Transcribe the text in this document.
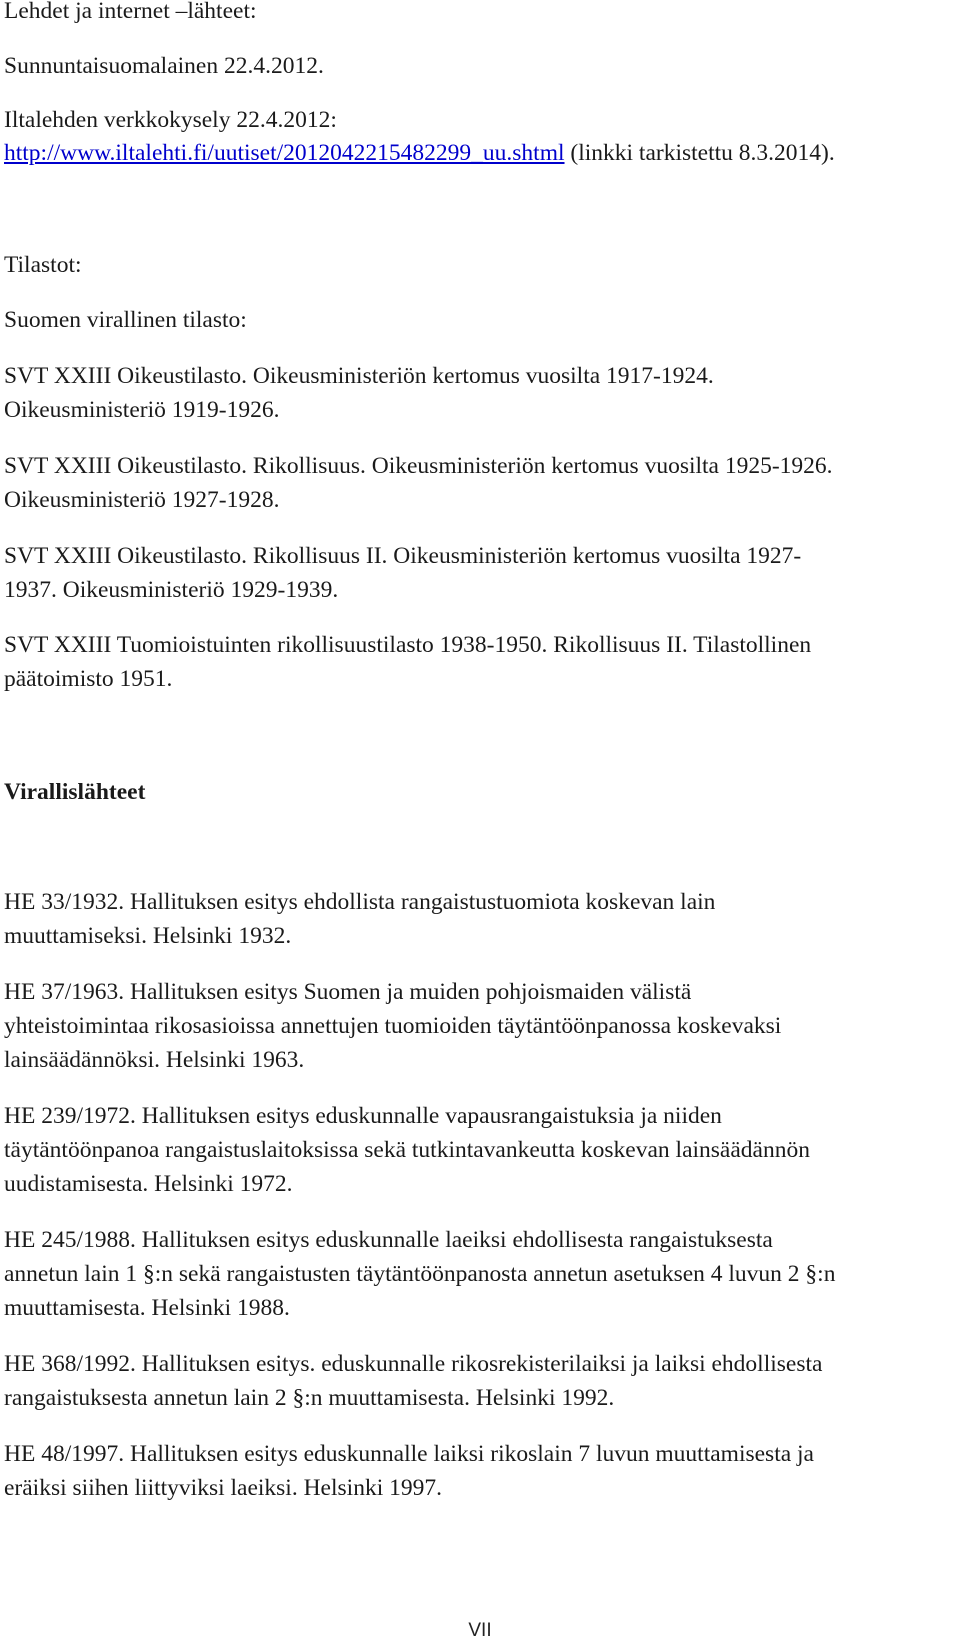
Lehdet ja internet –lähteet:
Sunnuntaisuomalainen 22.4.2012.
Iltalehden verkkokysely 22.4.2012:
http://www.iltalehti.fi/uutiset/2012042215482299_uu.shtml (linkki tarkistettu 8.3.2014).
Tilastot:
Suomen virallinen tilasto:
SVT XXIII Oikeustilasto. Oikeusministeriön kertomus vuosilta 1917-1924.
Oikeusministeriö 1919-1926.
SVT XXIII Oikeustilasto. Rikollisuus. Oikeusministeriön kertomus vuosilta 1925-1926.
Oikeusministeriö 1927-1928.
SVT XXIII Oikeustilasto. Rikollisuus II. Oikeusministeriön kertomus vuosilta 1927-
1937. Oikeusministeriö 1929-1939.
SVT XXIII Tuomioistuinten rikollisuustilasto 1938-1950. Rikollisuus II. Tilastollinen
päätoimisto 1951.
Virallislähteet
HE 33/1932. Hallituksen esitys ehdollista rangaistustuomiota koskevan lain
muuttamiseksi. Helsinki 1932.
HE 37/1963. Hallituksen esitys Suomen ja muiden pohjoismaiden välistä
yhteistoimintaa rikosasioissa annettujen tuomioiden täytäntöönpanossa koskevaksi
lainsäädännöksi. Helsinki 1963.
HE 239/1972. Hallituksen esitys eduskunnalle vapausrangaistuksia ja niiden
täytäntöönpanoa rangaistuslaitoksissa sekä tutkintavankeutta koskevan lainsäädännön
uudistamisesta. Helsinki 1972.
HE 245/1988. Hallituksen esitys eduskunnalle laeiksi ehdollisesta rangaistuksesta
annetun lain 1 §:n sekä rangaistusten täytäntöönpanosta annetun asetuksen 4 luvun 2 §:n
muuttamisesta. Helsinki 1988.
HE 368/1992. Hallituksen esitys. eduskunnalle rikosrekisterilaiksi ja laiksi ehdollisesta
rangaistuksesta annetun lain 2 §:n muuttamisesta. Helsinki 1992.
HE 48/1997. Hallituksen esitys eduskunnalle laiksi rikoslain 7 luvun muuttamisesta ja
eräiksi siihen liittyviksi laeiksi. Helsinki 1997.
VII
